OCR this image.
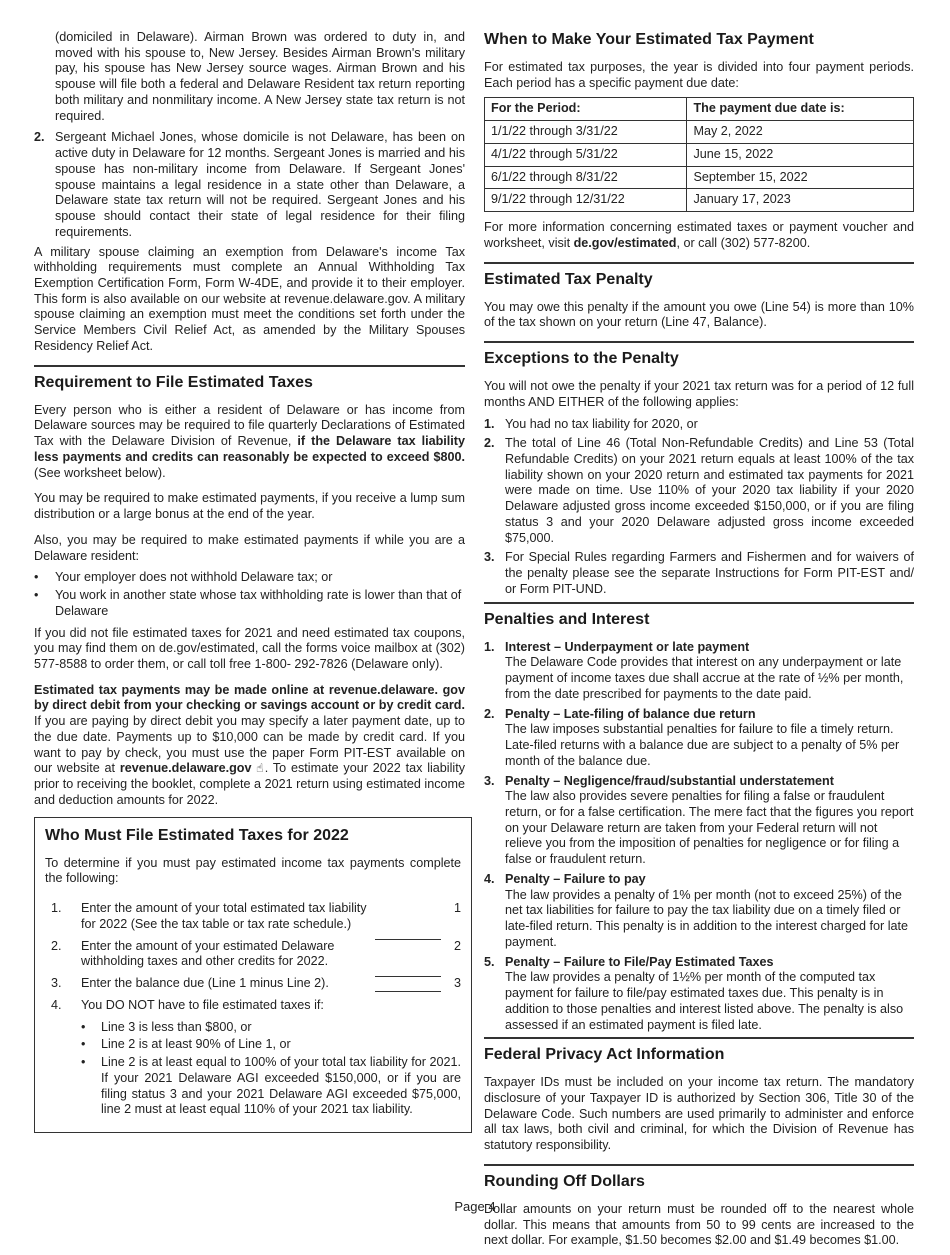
(domiciled in Delaware). Airman Brown was ordered to duty in, and moved with his spouse to, New Jersey. Besides Airman Brown's military pay, his spouse has New Jersey source wages. Airman Brown and his spouse will file both a federal and Delaware Resident tax return reporting both military and nonmilitary income. A New Jersey state tax return is not required.

2. Sergeant Michael Jones, whose domicile is not Delaware, has been on active duty in Delaware for 12 months. Sergeant Jones is married and his spouse has non-military income from Delaware. If Sergeant Jones' spouse maintains a legal residence in a state other than Delaware, a Delaware state tax return will not be required. Sergeant Jones and his spouse should contact their state of legal residence for their filing requirements.

A military spouse claiming an exemption from Delaware's income Tax withholding requirements must complete an Annual Withholding Tax Exemption Certification Form, Form W-4DE, and provide it to their employer. This form is also available on our website at revenue.delaware.gov. A military spouse claiming an exemption must meet the conditions set forth under the Service Members Civil Relief Act, as amended by the Military Spouses Residency Relief Act.

Requirement to File Estimated Taxes

Every person who is either a resident of Delaware or has income from Delaware sources may be required to file quarterly Declarations of Estimated Tax with the Delaware Division of Revenue, if the Delaware tax liability less payments and credits can reasonably be expected to exceed $800. (See worksheet below).

You may be required to make estimated payments, if you receive a lump sum distribution or a large bonus at the end of the year.

Also, you may be required to make estimated payments if while you are a Delaware resident:

•	Your employer does not withhold Delaware tax; or
•	You work in another state whose tax withholding rate is lower than that of Delaware

If you did not file estimated taxes for 2021 and need estimated tax coupons, you may find them on de.gov/estimated, call the forms voice mailbox at (302) 577-8588 to order them, or call toll free 1-800- 292-7826 (Delaware only).

Estimated tax payments may be made online at revenue.delaware. gov by direct debit from your checking or savings account or by credit card. If you are paying by direct debit you may specify a later payment date, up to the due date. Payments up to $10,000 can be made by credit card. If you want to pay by check, you must use the paper Form PIT-EST available on our website at revenue.delaware.gov ☝. To estimate your 2022 tax liability prior to receiving the booklet, complete a 2021 return using estimated income and deduction amounts for 2022.

Who Must File Estimated Taxes for 2022

To determine if you must pay estimated income tax payments complete the following:

1.	Enter the amount of your total estimated tax liability for 2022 (See the tax table or tax rate schedule.)
1
2.	Enter the amount of your estimated Delaware withholding taxes and other credits for 2022.
2
3.	Enter the balance due (Line 1 minus Line 2).	3
4.	You DO NOT have to file estimated taxes if:
•	Line 3 is less than $800, or
•	Line 2 is at least 90% of Line 1, or
•	Line 2 is at least equal to 100% of your total tax liability for 2021. If your 2021 Delaware AGI exceeded $150,000, or if you are filing status 3 and your 2021 Delaware AGI exceeded $75,000, line 2 must at least equal 110% of your 2021 tax liability.
When to Make Your Estimated Tax Payment

For estimated tax purposes, the year is divided into four payment periods. Each period has a specific payment due date:

For the Period:	The payment due date is:
1/1/22 through 3/31/22	May 2, 2022
4/1/22 through 5/31/22	June 15, 2022
6/1/22 through 8/31/22	September 15, 2022
9/1/22 through 12/31/22	January 17, 2023

For more information concerning estimated taxes or payment voucher and worksheet, visit de.gov/estimated, or call (302) 577-8200.

Estimated Tax Penalty

You may owe this penalty if the amount you owe (Line 54) is more than 10% of the tax shown on your return (Line 47, Balance).

Exceptions to the Penalty

You will not owe the penalty if your 2021 tax return was for a period of 12 full months AND EITHER of the following applies:

1. You had no tax liability for 2020, or
2. The total of Line 46 (Total Non-Refundable Credits) and Line 53 (Total Refundable Credits) on your 2021 return equals at least 100% of the tax liability shown on your 2020 return and estimated tax payments for 2021 were made on time. Use 110% of your 2020 tax liability if your 2020 Delaware adjusted gross income exceeded $150,000, or if you are filing status 3 and your 2020 Delaware adjusted gross income exceeded $75,000.
3. For Special Rules regarding Farmers and Fishermen and for waivers of the penalty please see the separate Instructions for Form PIT-EST and/ or Form PIT-UND.
Penalties and Interest
1. Interest – Underpayment or late payment
The Delaware Code provides that interest on any underpayment or late payment of income taxes due shall accrue at the rate of ½% per month, from the date prescribed for payments to the date paid.
2. Penalty – Late-filing of balance due return
The law imposes substantial penalties for failure to file a timely return. Late-filed returns with a balance due are subject to a penalty of 5% per month of the balance due.
3. Penalty – Negligence/fraud/substantial understatement
The law also provides severe penalties for filing a false or fraudulent return, or for a false certification. The mere fact that the figures you report on your Delaware return are taken from your Federal return will not relieve you from the imposition of penalties for negligence or for filing a false or fraudulent return.
4. Penalty – Failure to pay
The law provides a penalty of 1% per month (not to exceed 25%) of the net tax liabilities for failure to pay the tax liability due on a timely filed or late-filed return. This penalty is in addition to the interest charged for late payment.
5. Penalty – Failure to File/Pay Estimated Taxes
The law provides a penalty of 1½% per month of the computed tax payment for failure to file/pay estimated taxes due. This penalty is in addition to those penalties and interest listed above. The penalty is also assessed if an estimated payment is filed late.
Federal Privacy Act Information

Taxpayer IDs must be included on your income tax return. The mandatory disclosure of your Taxpayer ID is authorized by Section 306, Title 30 of the Delaware Code. Such numbers are used primarily to administer and enforce all tax laws, both civil and criminal, for which the Division of Revenue has statutory responsibility.

Rounding Off Dollars

Dollar amounts on your return must be rounded off to the nearest whole dollar. This means that amounts from 50 to 99 cents are increased to the next dollar. For example, $1.50 becomes $2.00 and $1.49 becomes $1.00.

Page 4
